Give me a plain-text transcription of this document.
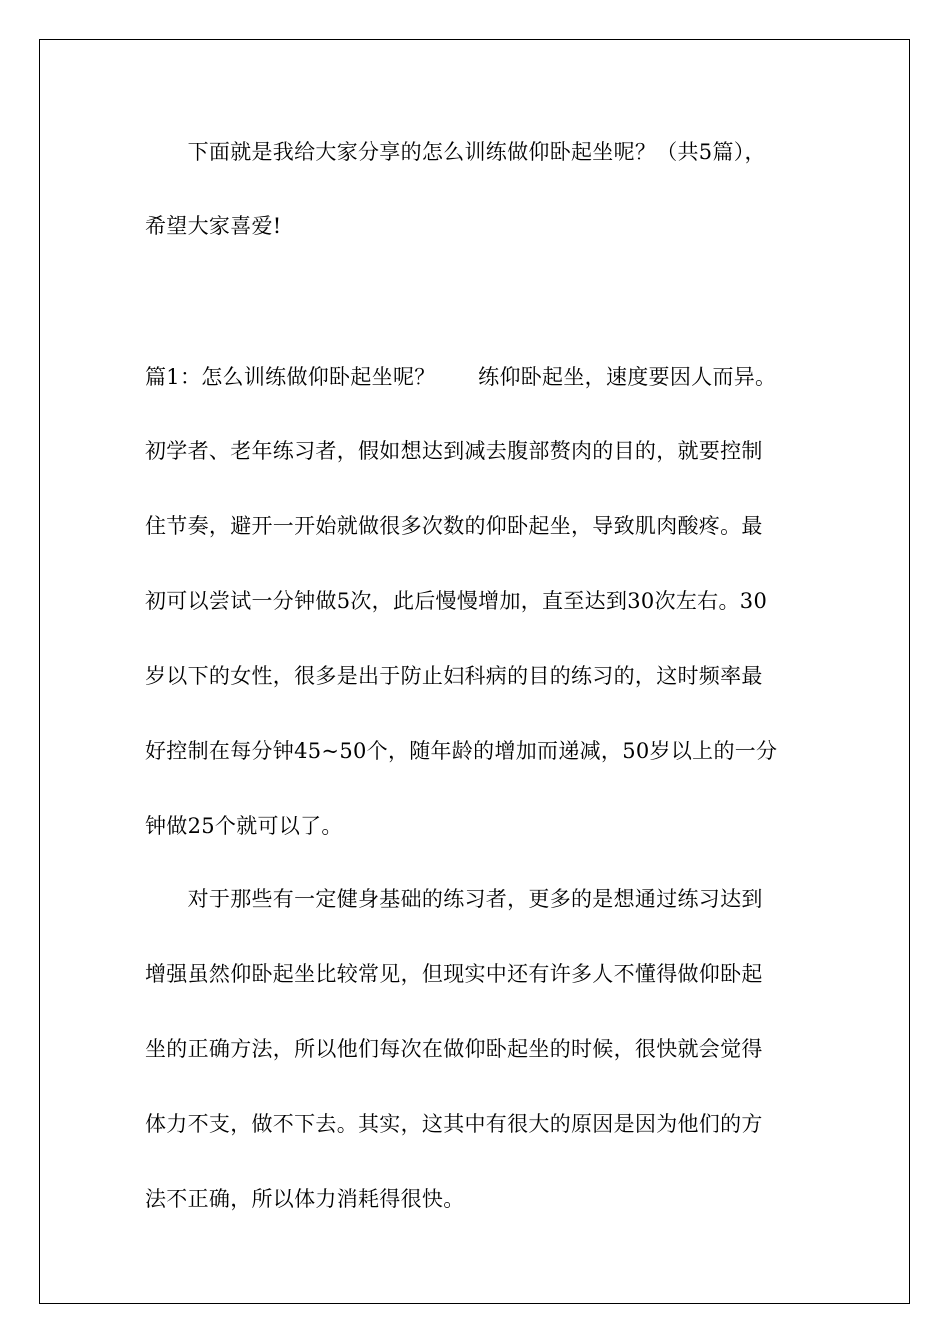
　　下面就是我给大家分享的怎么训练做仰卧起坐呢？（共5篇），
希望大家喜爱!
篇1：怎么训练做仰卧起坐呢？　　练仰卧起坐，速度要因人而异。
初学者、老年练习者，假如想达到减去腹部赘肉的目的，就要控制
住节奏，避开一开始就做很多次数的仰卧起坐，导致肌肉酸疼。最
初可以尝试一分钟做5次，此后慢慢增加，直至达到30次左右。30
岁以下的女性，很多是出于防止妇科病的目的练习的，这时频率最
好控制在每分钟45~50个，随年龄的增加而递减，50岁以上的一分
钟做25个就可以了。
　　对于那些有一定健身基础的练习者，更多的是想通过练习达到
增强虽然仰卧起坐比较常见，但现实中还有许多人不懂得做仰卧起
坐的正确方法，所以他们每次在做仰卧起坐的时候，很快就会觉得
体力不支，做不下去。其实，这其中有很大的原因是因为他们的方
法不正确，所以体力消耗得很快。
